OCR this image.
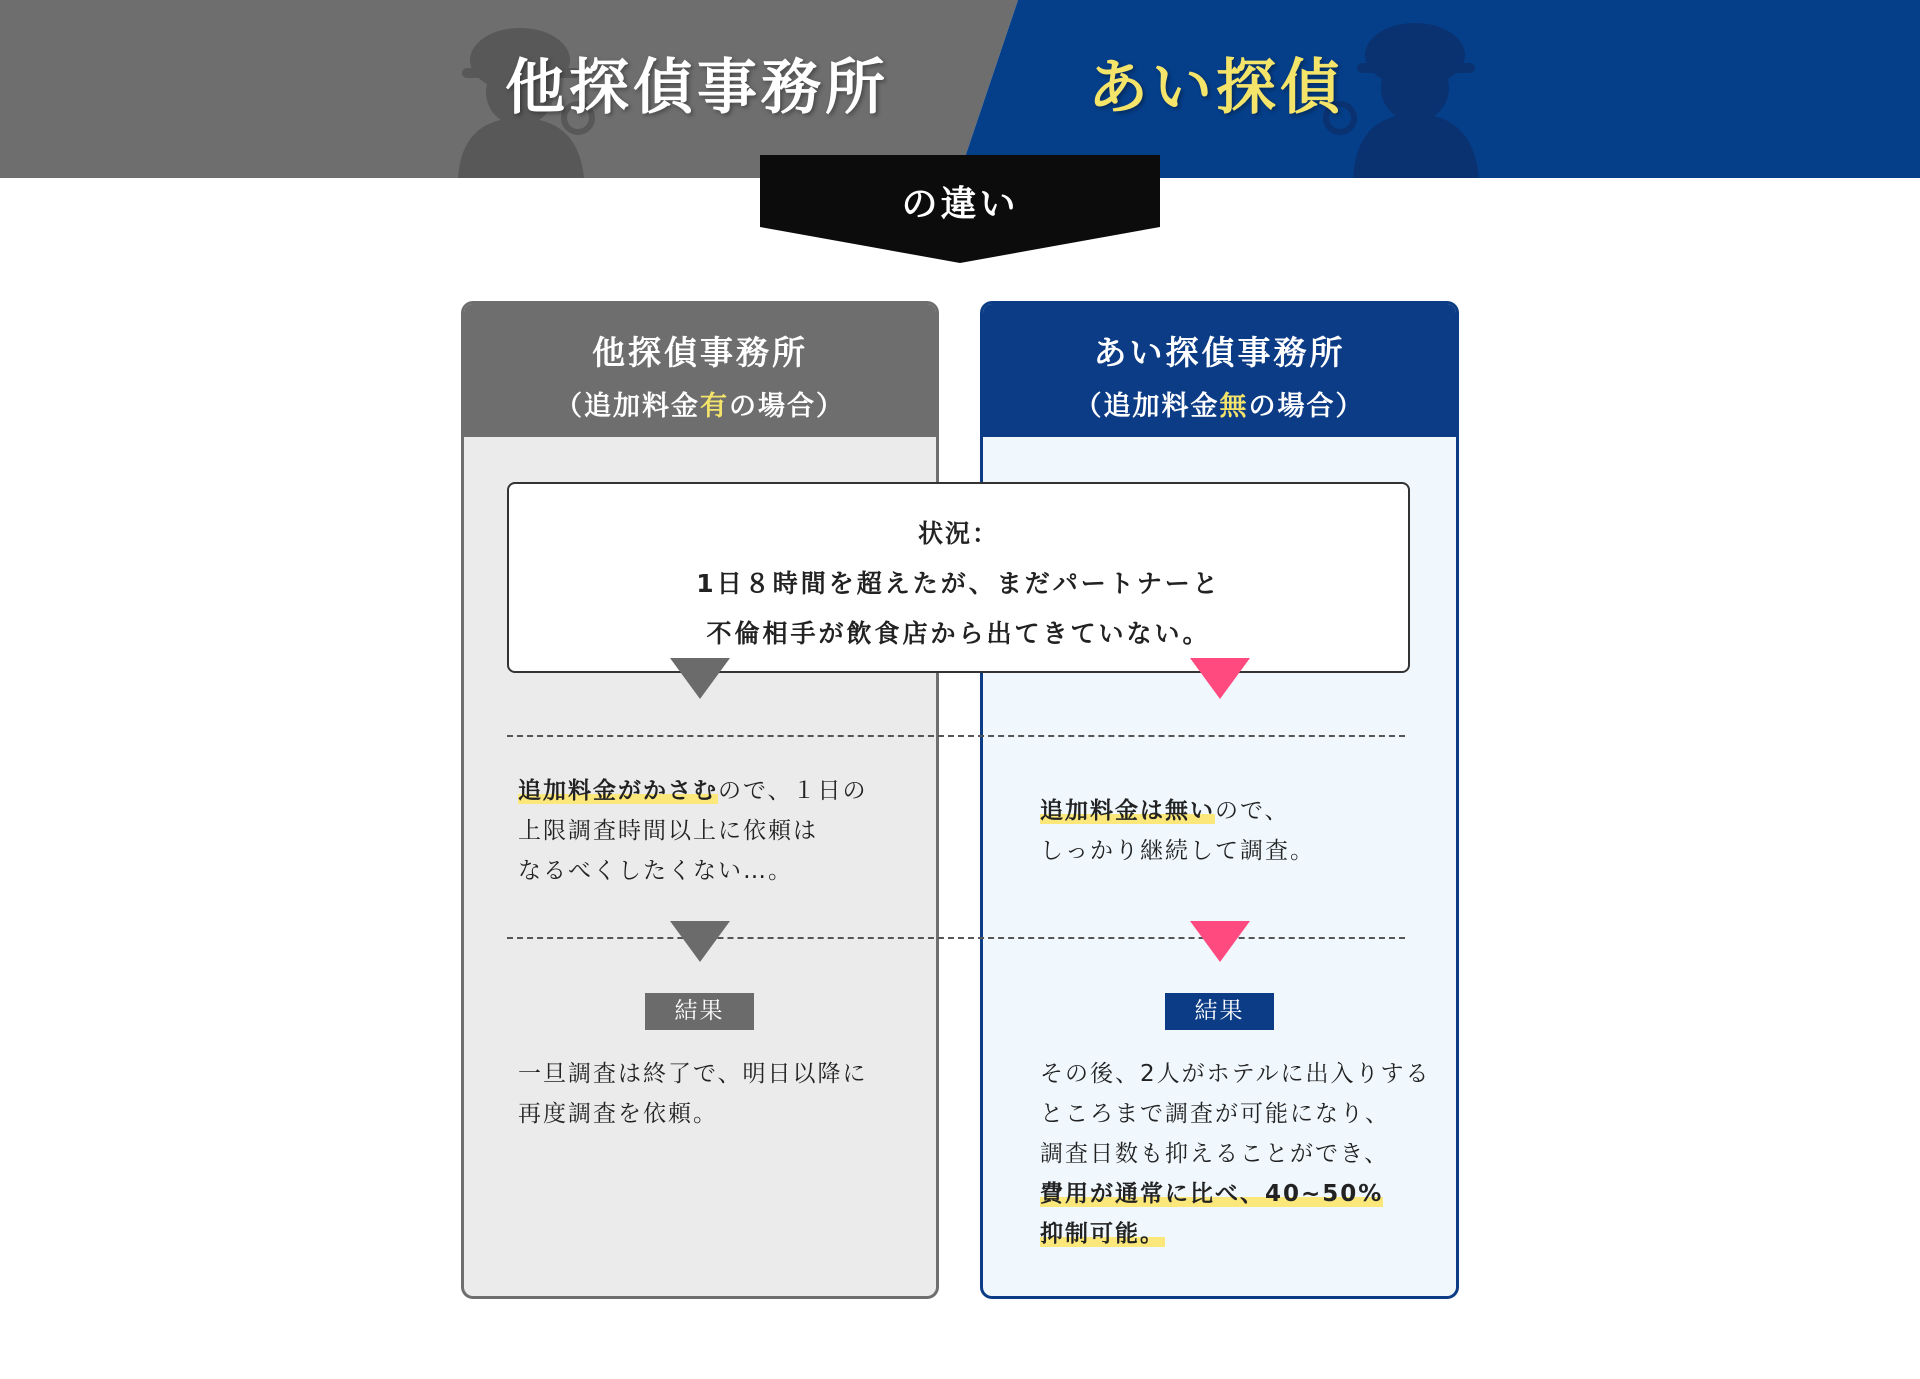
他探偵事務所	あい探偵
の違い
他探偵事務所
（追加料金有の場合）
あい探偵事務所
（追加料金無の場合）
状況：
1日８時間を超えたが、まだパートナーと
不倫相手が飲食店から出てきていない。
追加料金がかさむので、１日の
上限調査時間以上に依頼は
なるべくしたくない…。
追加料金は無いので、
しっかり継続して調査。
結果	結果
一旦調査は終了で、明日以降に
再度調査を依頼。
その後、2人がホテルに出入りする
ところまで調査が可能になり、
調査日数も抑えることができ、
費用が通常に比べ、40~50%
抑制可能。
